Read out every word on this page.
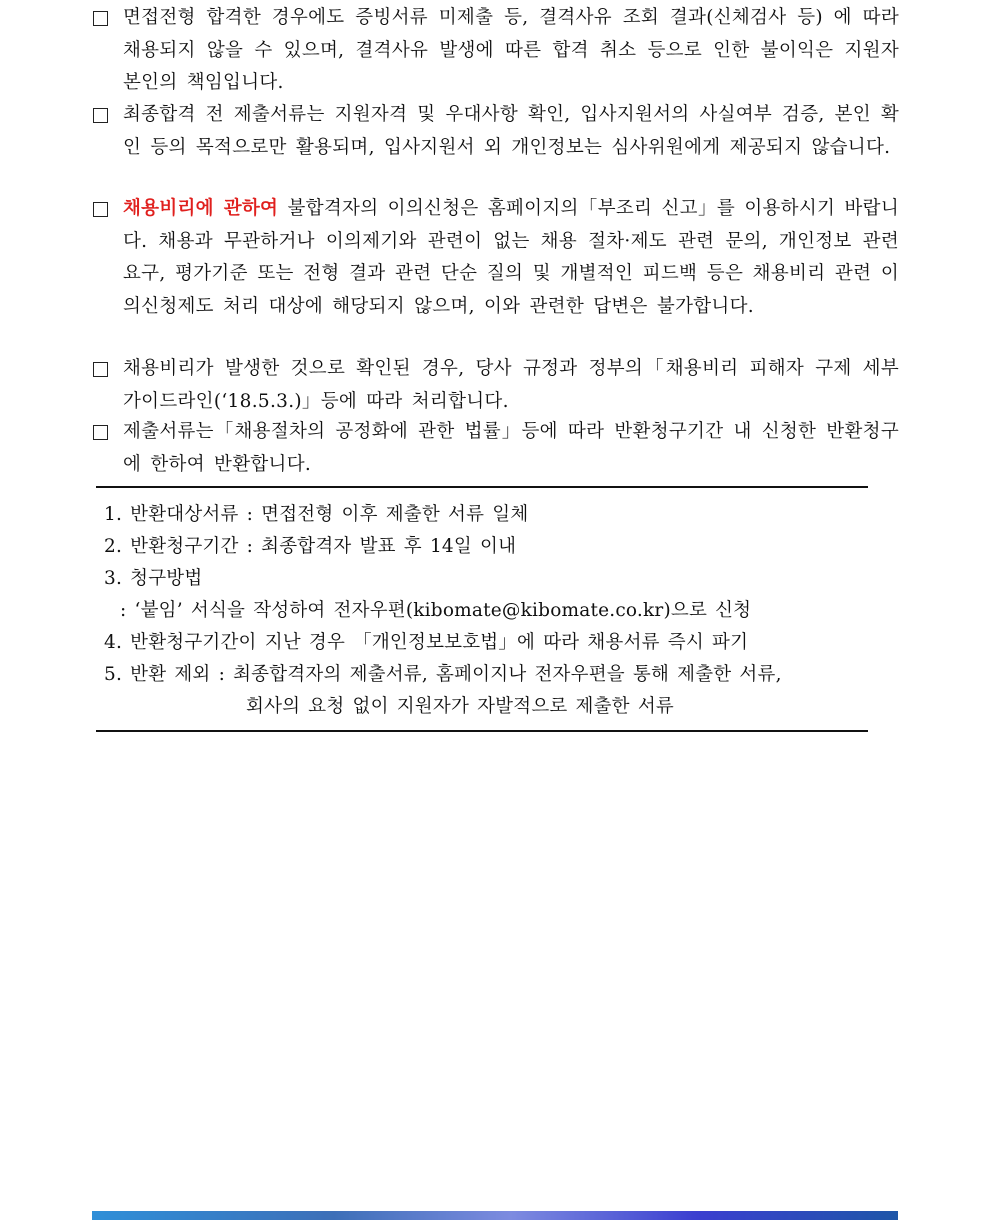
면접전형 합격한 경우에도 증빙서류 미제출 등, 결격사유 조회 결과(신체검사 등) 에 따라 채용되지 않을 수 있으며, 결격사유 발생에 따른 합격 취소 등으로 인한 불이익은 지원자 본인의 책임입니다.
최종합격 전 제출서류는 지원자격 및 우대사항 확인, 입사지원서의 사실여부 검증, 본인 확인 등의 목적으로만 활용되며, 입사지원서 외 개인정보는 심사위원에게 제공되지 않습니다.
채용비리에 관하여 불합격자의 이의신청은 홈페이지의「부조리 신고」를 이용하시기 바랍니다. 채용과 무관하거나 이의제기와 관련이 없는 채용 절차·제도 관련 문의, 개인정보 관련 요구, 평가기준 또는 전형 결과 관련 단순 질의 및 개별적인 피드백 등은 채용비리 관련 이의신청제도 처리 대상에 해당되지 않으며, 이와 관련한 답변은 불가합니다.
채용비리가 발생한 것으로 확인된 경우, 당사 규정과 정부의「채용비리 피해자 구제 세부 가이드라인(‘18.5.3.)」등에 따라 처리합니다.
제출서류는「채용절차의 공정화에 관한 법률」등에 따라 반환청구기간 내 신청한 반환청구에 한하여 반환합니다.
1. 반환대상서류 : 면접전형 이후 제출한 서류 일체
2. 반환청구기간 : 최종합격자 발표 후 14일 이내
3. 청구방법
: ‘붙임’ 서식을 작성하여 전자우편(kibomate@kibomate.co.kr)으로 신청
4. 반환청구기간이 지난 경우 「개인정보보호법」에 따라 채용서류 즉시 파기
5. 반환 제외 : 최종합격자의 제출서류, 홈페이지나 전자우편을 통해 제출한 서류,
회사의 요청 없이 지원자가 자발적으로 제출한 서류
